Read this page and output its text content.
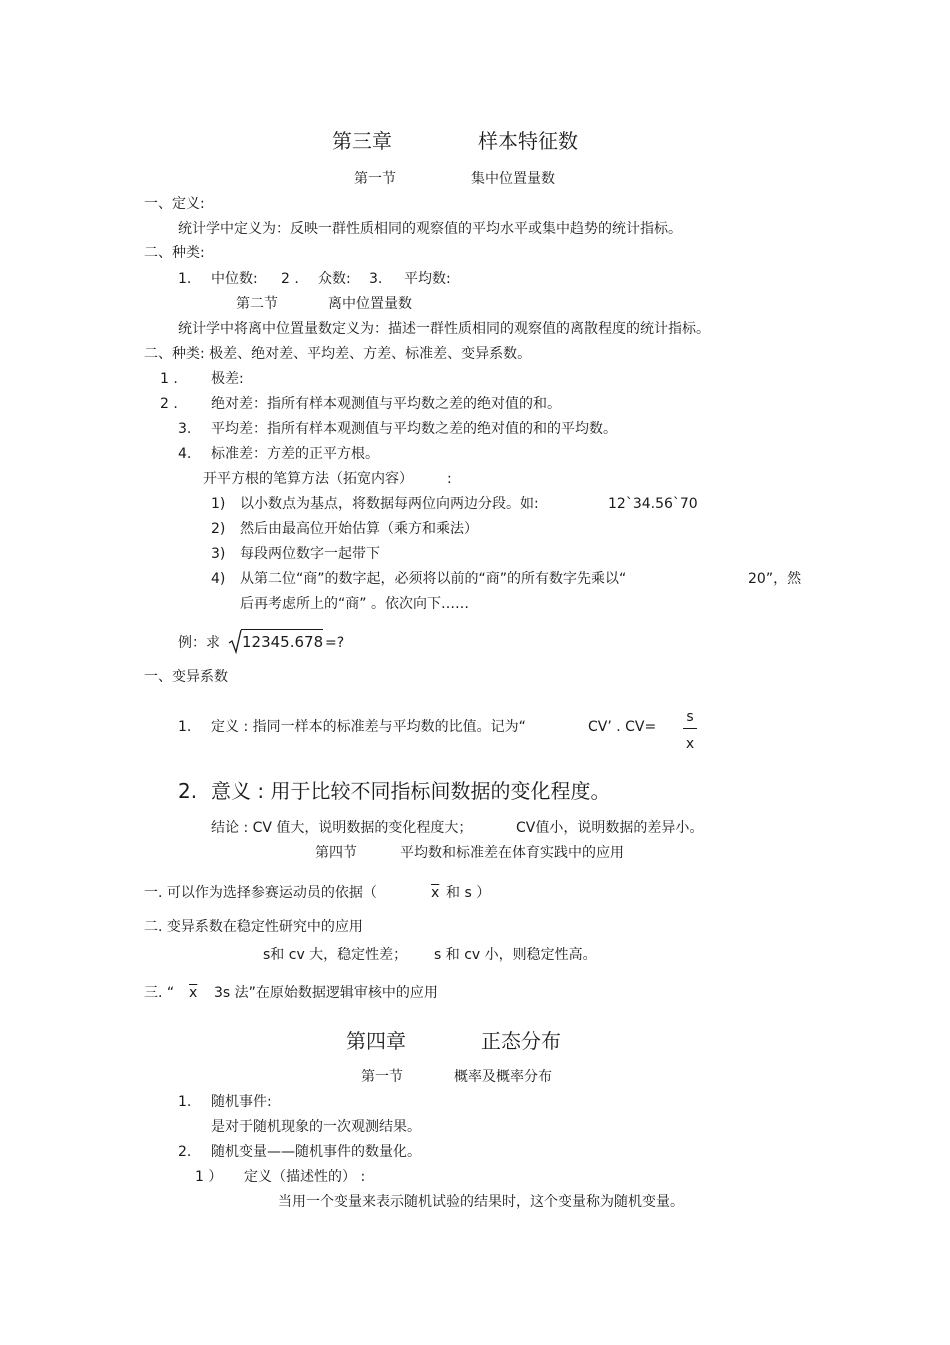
第三章	样本特征数
第一节	集中位置量数
一、定义:
统计学中定义为：反映一群性质相同的观察值的平均水平或集中趋势的统计指标。
二、种类:
1. 中位数: 2 . 众数: 3. 平均数:
第二节	离中位置量数
统计学中将离中位置量数定义为：描述一群性质相同的观察值的离散程度的统计指标。
二、种类: 极差、绝对差、平均差、方差、标准差、变异系数。
1 . 极差:
2 . 绝对差：指所有样本观测值与平均数之差的绝对值的和。
3. 平均差：指所有样本观测值与平均数之差的绝对值的和的平均数。
4. 标准差：方差的正平方根。
开平方根的笔算方法（拓宽内容） :
1) 以小数点为基点，将数据每两位向两边分段。如:	12`34.56`70
2) 然后由最高位开始估算（乘方和乘法）
3) 每段两位数字一起带下
4) 从第二位“商”的数字起，必须将以前的“商”的所有数字先乘以“	20”，然
后再考虑所上的“商” 。依次向下……
例：求 12345.678 =?
一、变异系数
1. 定义 : 指同一样本的标准差与平均数的比值。记为“	CV’ . CV=
s
x
2. 意义 : 用于比较不同指标间数据的变化程度。
结论 : CV 值大，说明数据的变化程度大；	CV值小，说明数据的差异小。
第四节	平均数和标准差在体育实践中的应用
一. 可以作为选择参赛运动员的依据（	$\overline{x}$ 和 s ）
二. 变异系数在稳定性研究中的应用
s和 cv 大，稳定性差； s 和 cv 小，则稳定性高。
三. “ $\overline{x}$ 3s 法”在原始数据逻辑审核中的应用
第四章	正态分布
第一节	概率及概率分布
1. 随机事件:
是对于随机现象的一次观测结果。
2. 随机变量——随机事件的数量化。
1 ） 定义（描述性的） :
当用一个变量来表示随机试验的结果时，这个变量称为随机变量。
